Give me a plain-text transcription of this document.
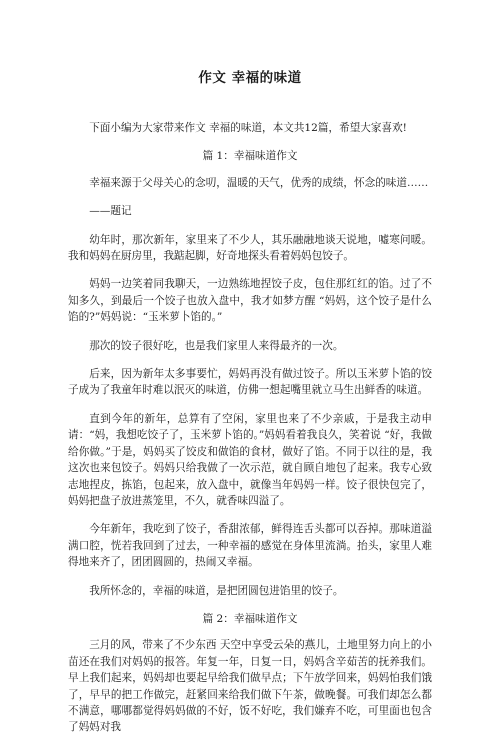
作文 幸福的味道

下面小编为大家带来作文 幸福的味道，本文共12篇，希望大家喜欢!

篇 1：幸福味道作文

幸福来源于父母关心的念叨，温暖的天气，优秀的成绩，怀念的味道……

——题记

幼年时，那次新年，家里来了不少人，其乐融融地谈天说地，嘘寒问暖。我和妈妈在厨房里，我踮起脚，好奇地探头看着妈妈包饺子。

妈妈一边笑着同我聊天，一边熟练地捏饺子皮，包住那红红的馅。过了不知多久，到最后一个饺子也放入盘中，我才如梦方醒 “妈妈，这个饺子是什么馅的?”妈妈说：“玉米萝卜馅的。”

那次的饺子很好吃，也是我们家里人来得最齐的一次。

后来，因为新年太多事要忙，妈妈再没有做过饺子。所以玉米萝卜馅的饺子成为了我童年时难以泯灭的味道，仿佛一想起嘴里就立马生出鲜香的味道。

直到今年的新年，总算有了空闲，家里也来了不少亲戚，于是我主动申请：“妈，我想吃饺子了，玉米萝卜馅的。”妈妈看着我良久，笑着说 “好，我做给你做。”于是，妈妈买了饺皮和做馅的食材，做好了馅。不同于以往的是，我这次也来包饺子。妈妈只给我做了一次示范，就自顾自地包了起来。我专心致志地捏皮，拣馅，包起来，放入盘中，就像当年妈妈一样。饺子很快包完了，妈妈把盘子放进蒸笼里，不久，就香味四溢了。

今年新年，我吃到了饺子，香甜浓郁，鲜得连舌头都可以吞掉。那味道溢满口腔，恍若我回到了过去，一种幸福的感觉在身体里流淌。抬头，家里人难得地来齐了，团团圆圆的，热闹又幸福。

我所怀念的，幸福的味道，是把团圆包进馅里的饺子。

篇 2：幸福味道作文

三月的风，带来了不少东西 天空中享受云朵的燕儿，土地里努力向上的小苗还在我们对妈妈的报答。年复一年，日复一日，妈妈含辛茹苦的抚养我们。早上我们起来，妈妈却也要起早给我们做早点；下午放学回来，妈妈怕我们饿了，早早的把工作做完，赶紧回来给我们做下午茶，做晚餐。可我们却怎么都不满意，哪哪都觉得妈妈做的不好，饭不好吃，我们嫌弃不吃，可里面也包含了妈妈对我
